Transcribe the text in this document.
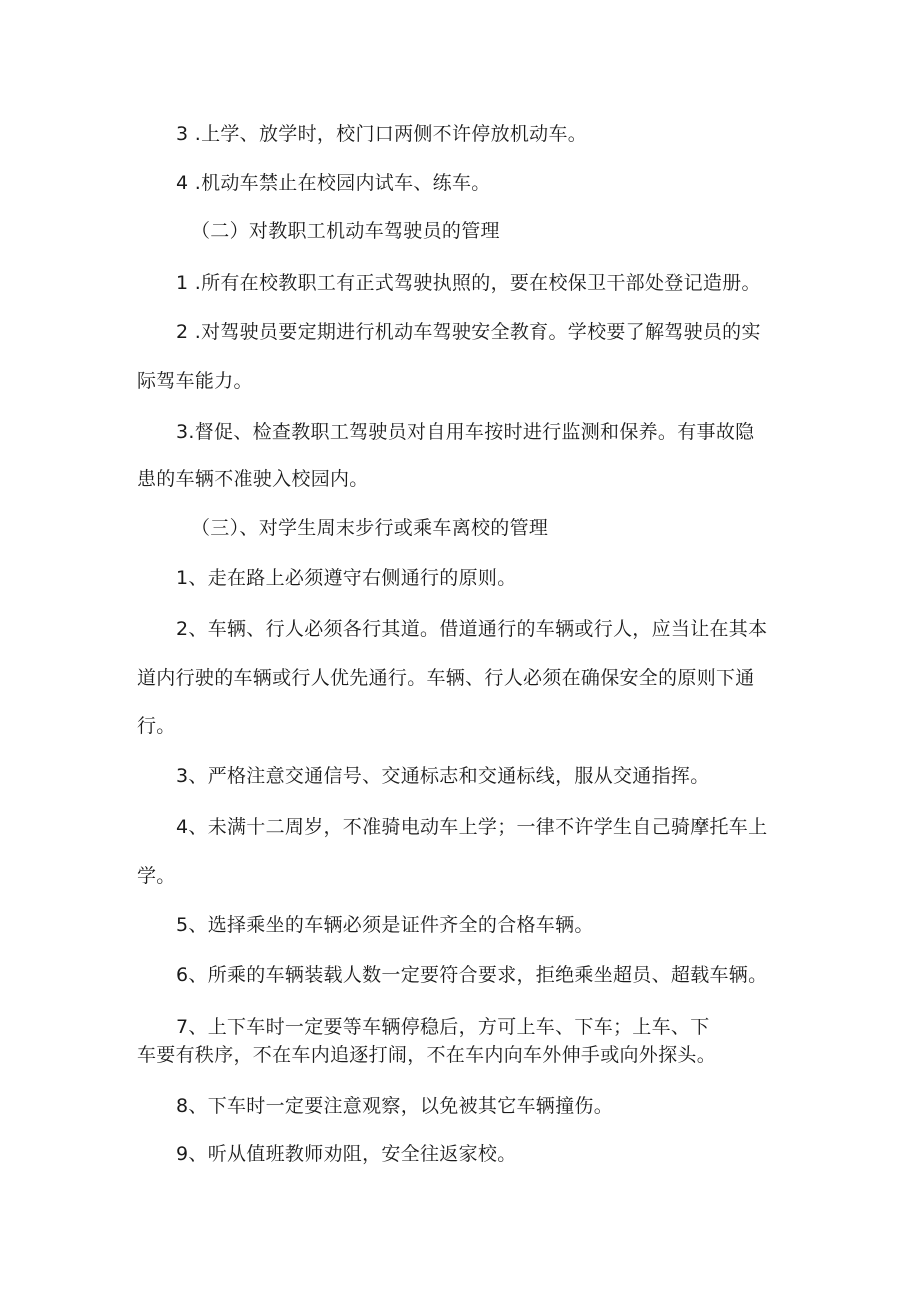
3 .上学、放学时，校门口两侧不许停放机动车。
4 .机动车禁止在校园内试车、练车。
（二）对教职工机动车驾驶员的管理
1 .所有在校教职工有正式驾驶执照的，要在校保卫干部处登记造册。
2 .对驾驶员要定期进行机动车驾驶安全教育。学校要了解驾驶员的实
际驾车能力。
3.督促、检查教职工驾驶员对自用车按时进行监测和保养。有事故隐
患的车辆不准驶入校园内。
（三）、对学生周末步行或乘车离校的管理
1、走在路上必须遵守右侧通行的原则。
2、车辆、行人必须各行其道。借道通行的车辆或行人，应当让在其本
道内行驶的车辆或行人优先通行。车辆、行人必须在确保安全的原则下通
行。
3、严格注意交通信号、交通标志和交通标线，服从交通指挥。
4、未满十二周岁，不准骑电动车上学；一律不许学生自己骑摩托车上
学。
5、选择乘坐的车辆必须是证件齐全的合格车辆。
6、所乘的车辆装载人数一定要符合要求，拒绝乘坐超员、超载车辆。
7、上下车时一定要等车辆停稳后，方可上车、下车；上车、下
车要有秩序，不在车内追逐打闹，不在车内向车外伸手或向外探头。
8、下车时一定要注意观察，以免被其它车辆撞伤。
9、听从值班教师劝阻，安全往返家校。
